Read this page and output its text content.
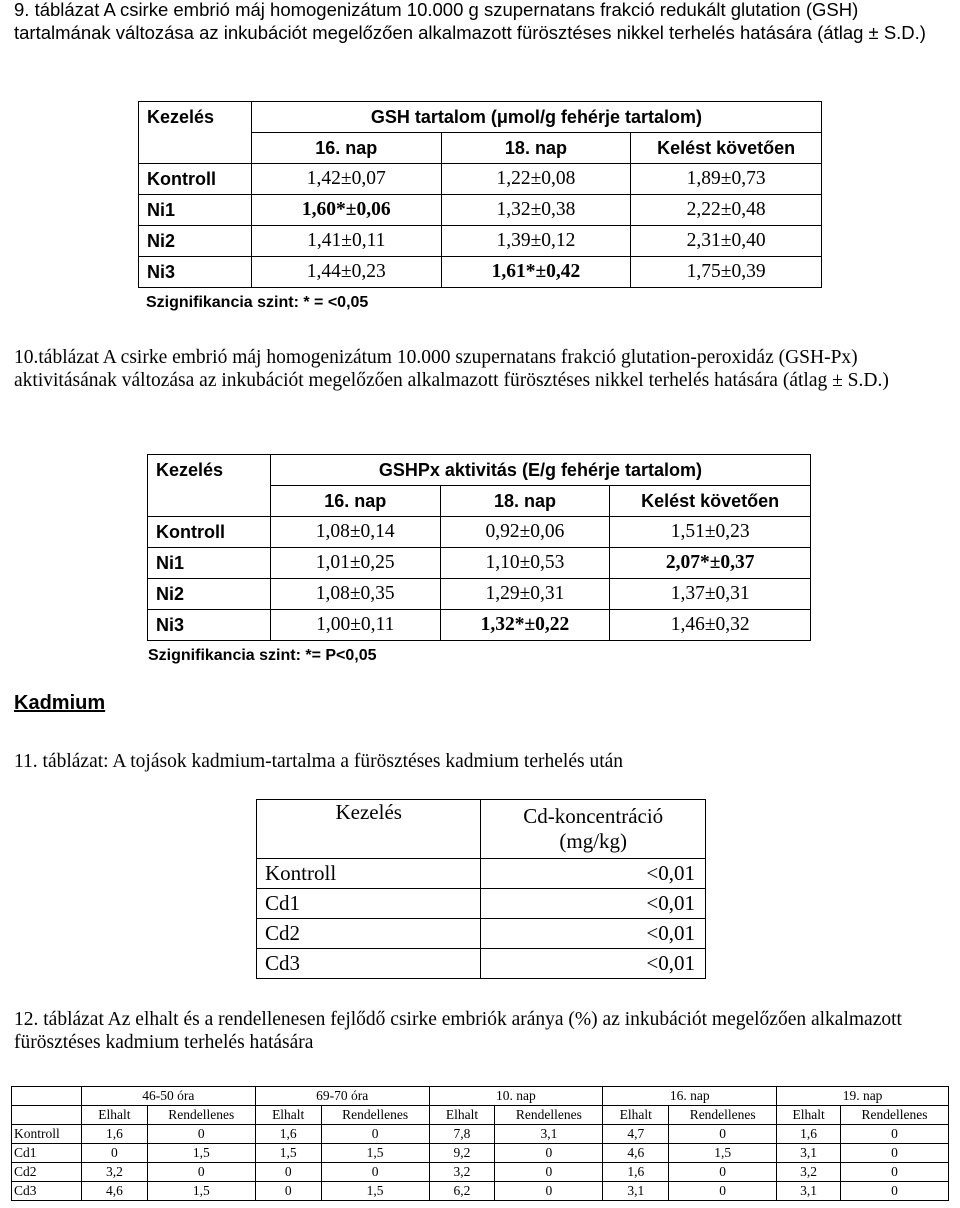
9. táblázat A csirke embrió máj homogenizátum 10.000 g szupernatans frakció redukált glutation (GSH) tartalmának változása az inkubációt megelőzően alkalmazott fürösztéses nikkel terhelés hatására (átlag ± S.D.)
Kezelés	GSH tartalom (μmol/g fehérje tartalom)		
	16. nap	18. nap	Kelést követően
Kontroll	1,42±0,07	1,22±0,08	1,89±0,73
Ni1	1,60*±0,06	1,32±0,38	2,22±0,48
Ni2	1,41±0,11	1,39±0,12	2,31±0,40
Ni3	1,44±0,23	1,61*±0,42	1,75±0,39
Szignifikancia szint: * = <0,05
10.táblázat A csirke embrió máj homogenizátum 10.000 szupernatans frakció glutation-peroxidáz (GSH-Px) aktivitásának változása az inkubációt megelőzően alkalmazott fürösztéses nikkel terhelés hatására (átlag ± S.D.)
Kezelés	GSHPx aktivitás (E/g fehérje tartalom)		
	16. nap	18. nap	Kelést követően
Kontroll	1,08±0,14	0,92±0,06	1,51±0,23
Ni1	1,01±0,25	1,10±0,53	2,07*±0,37
Ni2	1,08±0,35	1,29±0,31	1,37±0,31
Ni3	1,00±0,11	1,32*±0,22	1,46±0,32
Szignifikancia szint: *= P<0,05
Kadmium
11. táblázat: A tojások kadmium-tartalma a fürösztéses kadmium terhelés után
Kezelés	Cd-koncentráció
(mg/kg)

Kontroll	<0,01
Cd1	<0,01
Cd2	<0,01
Cd3	<0,01
12. táblázat Az elhalt és a rendellenesen fejlődő csirke embriók aránya (%) az inkubációt megelőzően alkalmazott fürösztéses kadmium terhelés hatására
	46-50 óra		69-70 óra		10. nap		16. nap		19. nap	
	Elhalt	Rendellenes	Elhalt	Rendellenes	Elhalt	Rendellenes	Elhalt	Rendellenes	Elhalt	Rendellenes
Kontroll	1,6	0	1,6	0	7,8	3,1	4,7	0	1,6	0
Cd1	0	1,5	1,5	1,5	9,2	0	4,6	1,5	3,1	0
Cd2	3,2	0	0	0	3,2	0	1,6	0	3,2	0
Cd3	4,6	1,5	0	1,5	6,2	0	3,1	0	3,1	0
